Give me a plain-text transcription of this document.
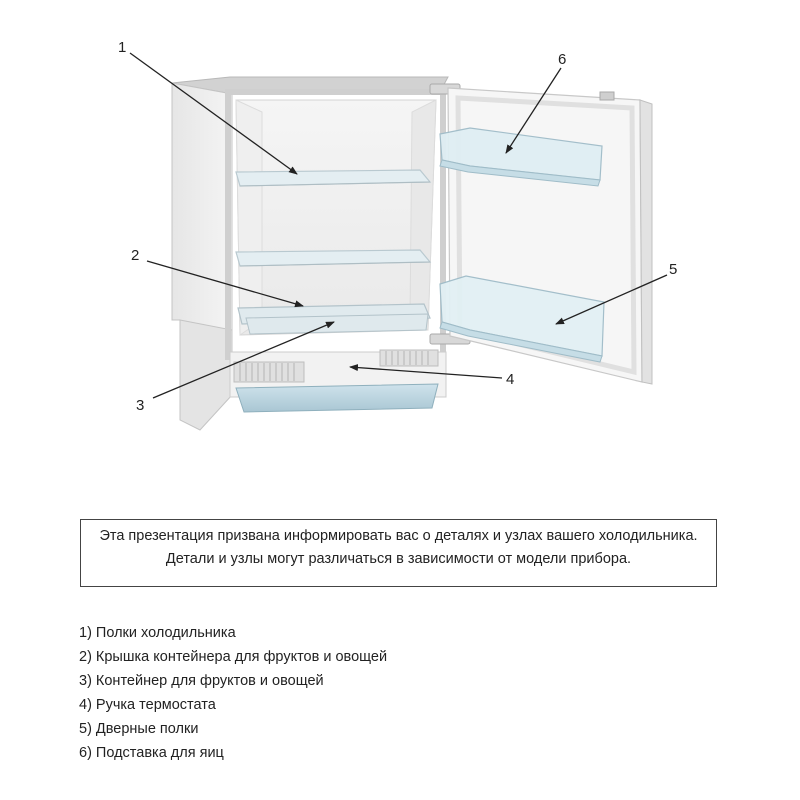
1
2
3
4
5
6

Эта презентация призвана информировать вас о деталях и узлах вашего холодильника.

Детали и узлы могут различаться в зависимости от модели прибора.

1) Полки холодильника
2) Крышка контейнера для фруктов и овощей
3) Контейнер для фруктов и овощей
4) Ручка термостата
5) Дверные полки
6) Подставка для яиц
